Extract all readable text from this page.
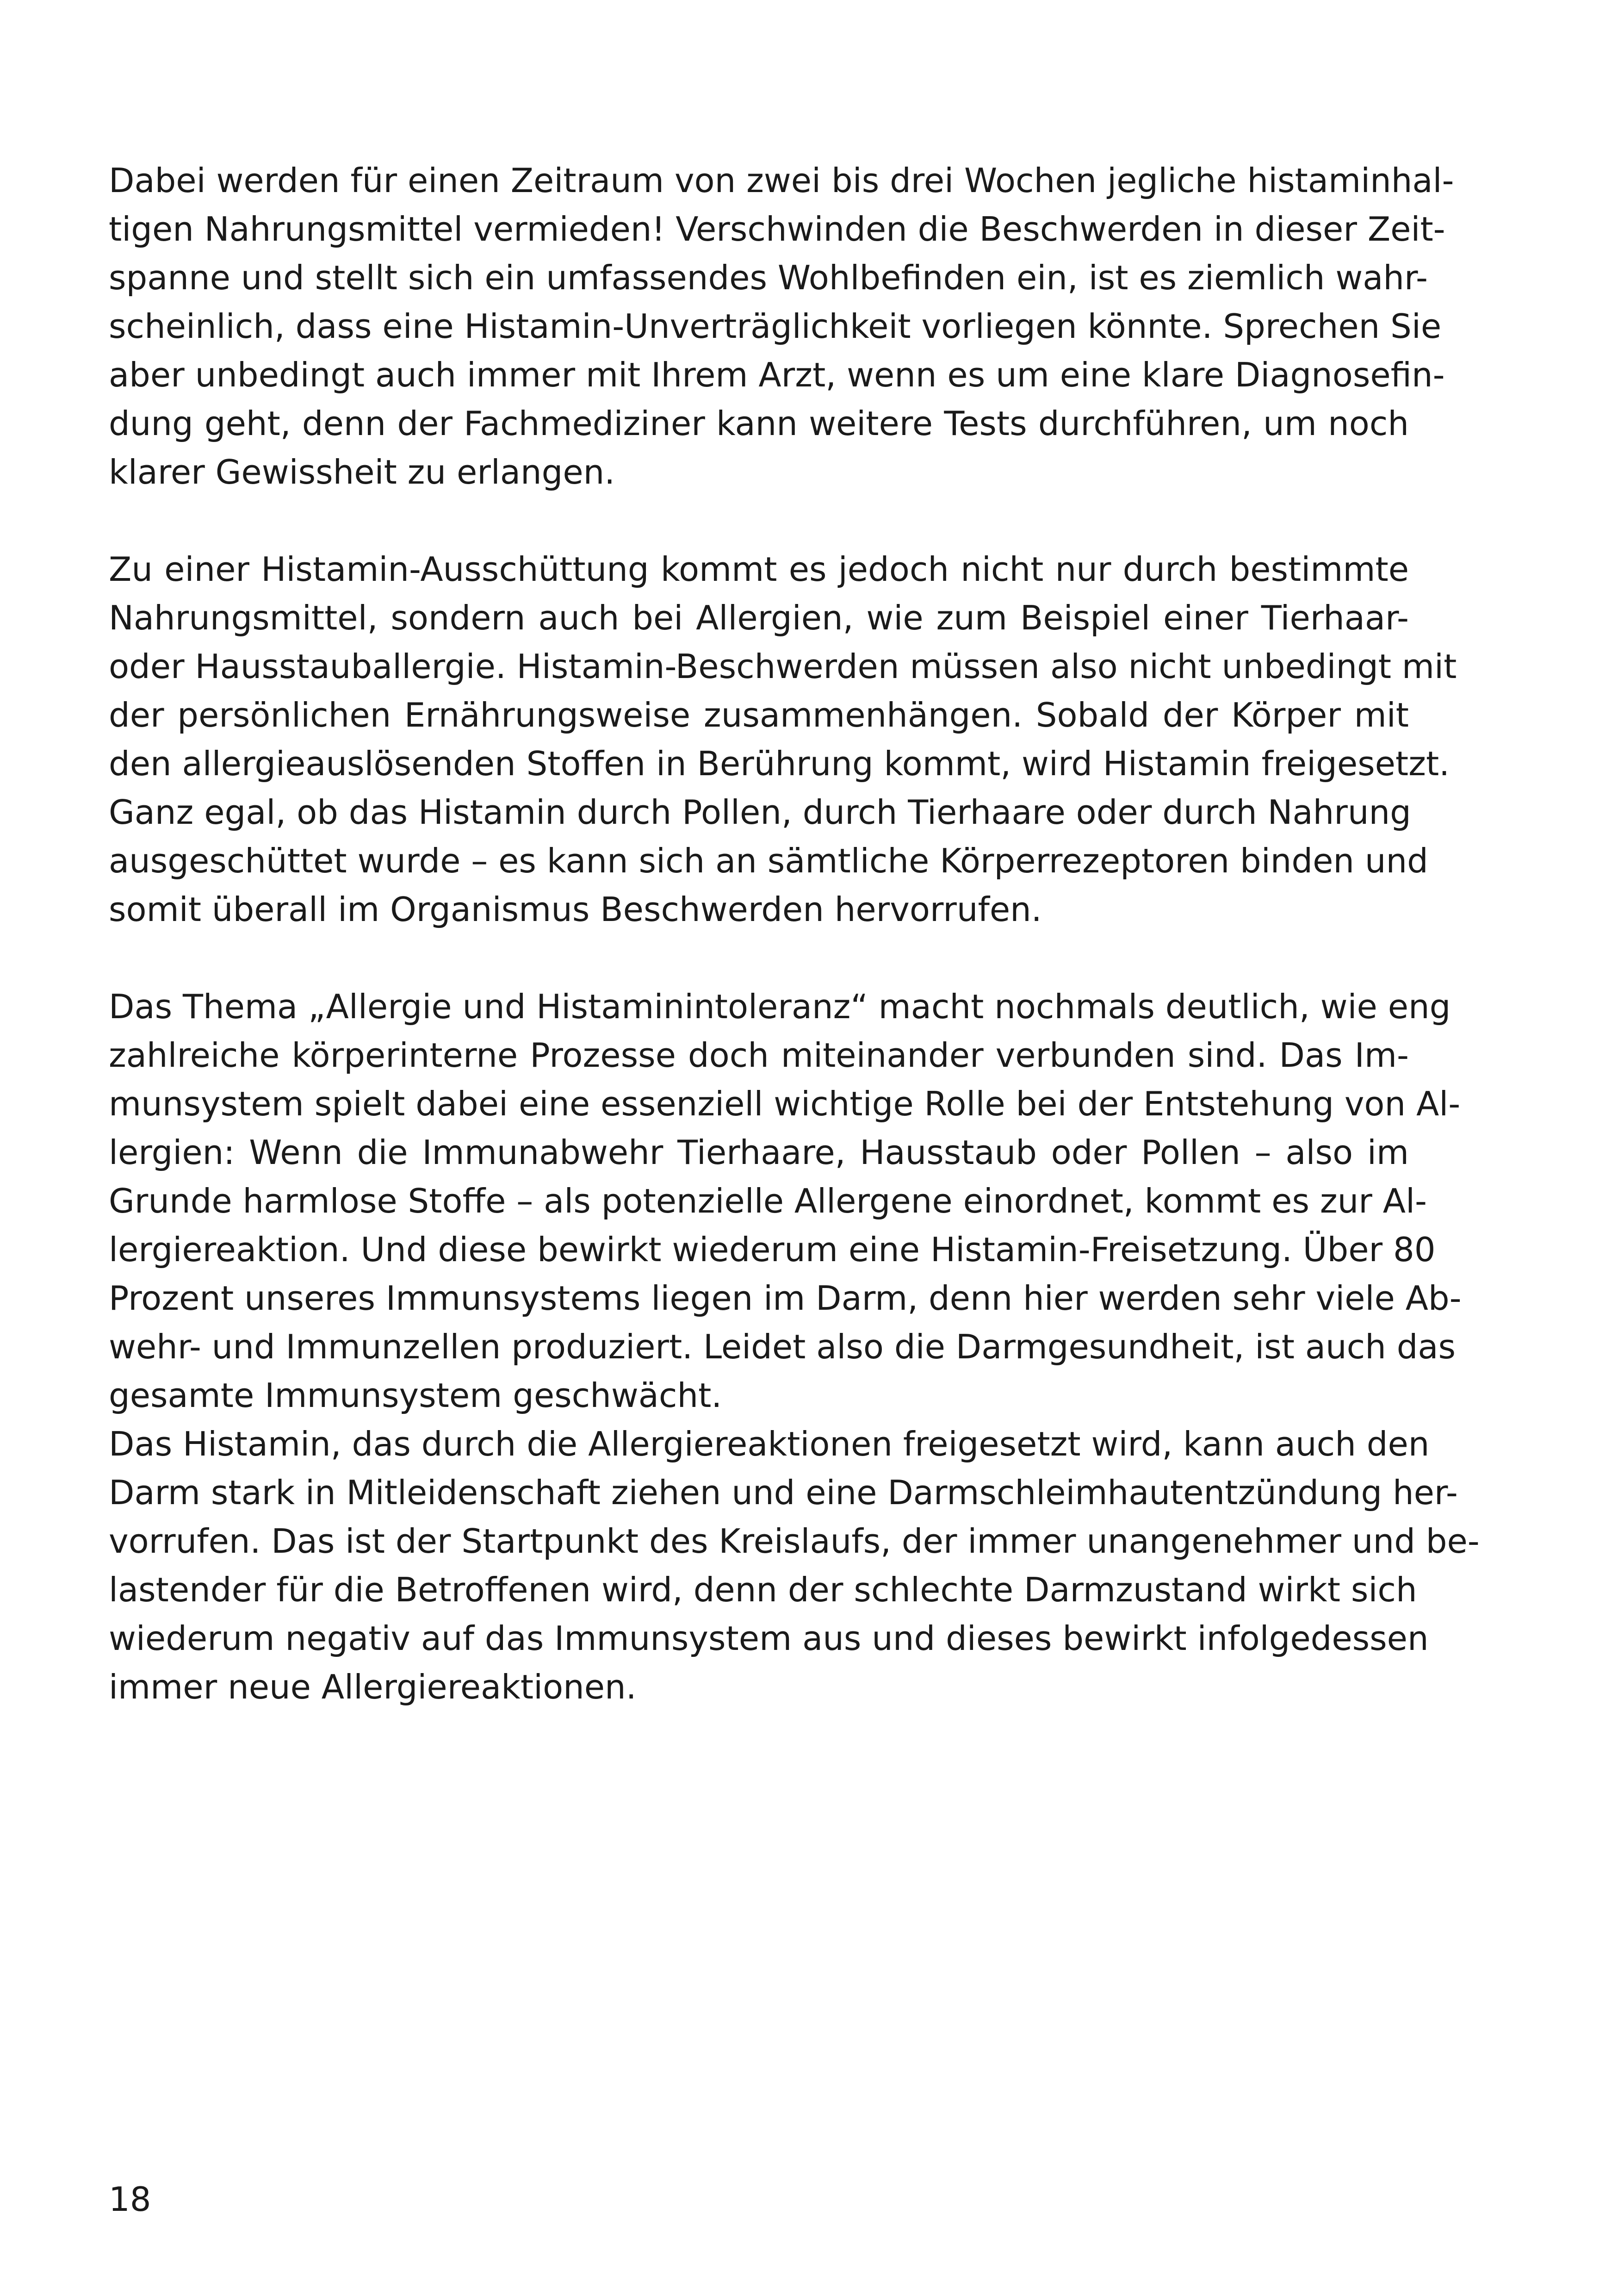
Dabei werden für einen Zeitraum von zwei bis drei Wochen jegliche histaminhal-
tigen Nahrungsmittel vermieden! Verschwinden die Beschwerden in dieser Zeit-
spanne und stellt sich ein umfassendes Wohlbefinden ein, ist es ziemlich wahr-
scheinlich, dass eine Histamin-Unverträglichkeit vorliegen könnte. Sprechen Sie
aber unbedingt auch immer mit Ihrem Arzt, wenn es um eine klare Diagnosefin-
dung geht, denn der Fachmediziner kann weitere Tests durchführen, um noch
klarer Gewissheit zu erlangen.
Zu einer Histamin-Ausschüttung kommt es jedoch nicht nur durch bestimmte
Nahrungsmittel, sondern auch bei Allergien, wie zum Beispiel einer Tierhaar-
oder Hausstauballergie. Histamin-Beschwerden müssen also nicht unbedingt mit
der persönlichen Ernährungsweise zusammenhängen. Sobald der Körper mit
den allergieauslösenden Stoffen in Berührung kommt, wird Histamin freigesetzt.
Ganz egal, ob das Histamin durch Pollen, durch Tierhaare oder durch Nahrung
ausgeschüttet wurde – es kann sich an sämtliche Körperrezeptoren binden und
somit überall im Organismus Beschwerden hervorrufen.
Das Thema „Allergie und Histaminintoleranz“ macht nochmals deutlich, wie eng
zahlreiche körperinterne Prozesse doch miteinander verbunden sind. Das Im-
munsystem spielt dabei eine essenziell wichtige Rolle bei der Entstehung von Al-
lergien: Wenn die Immunabwehr Tierhaare, Hausstaub oder Pollen – also im
Grunde harmlose Stoffe – als potenzielle Allergene einordnet, kommt es zur Al-
lergiereaktion. Und diese bewirkt wiederum eine Histamin-Freisetzung. Über 80
Prozent unseres Immunsystems liegen im Darm, denn hier werden sehr viele Ab-
wehr- und Immunzellen produziert. Leidet also die Darmgesundheit, ist auch das
gesamte Immunsystem geschwächt.
Das Histamin, das durch die Allergiereaktionen freigesetzt wird, kann auch den
Darm stark in Mitleidenschaft ziehen und eine Darmschleimhautentzündung her-
vorrufen. Das ist der Startpunkt des Kreislaufs, der immer unangenehmer und be-
lastender für die Betroffenen wird, denn der schlechte Darmzustand wirkt sich
wiederum negativ auf das Immunsystem aus und dieses bewirkt infolgedessen
immer neue Allergiereaktionen.
18
